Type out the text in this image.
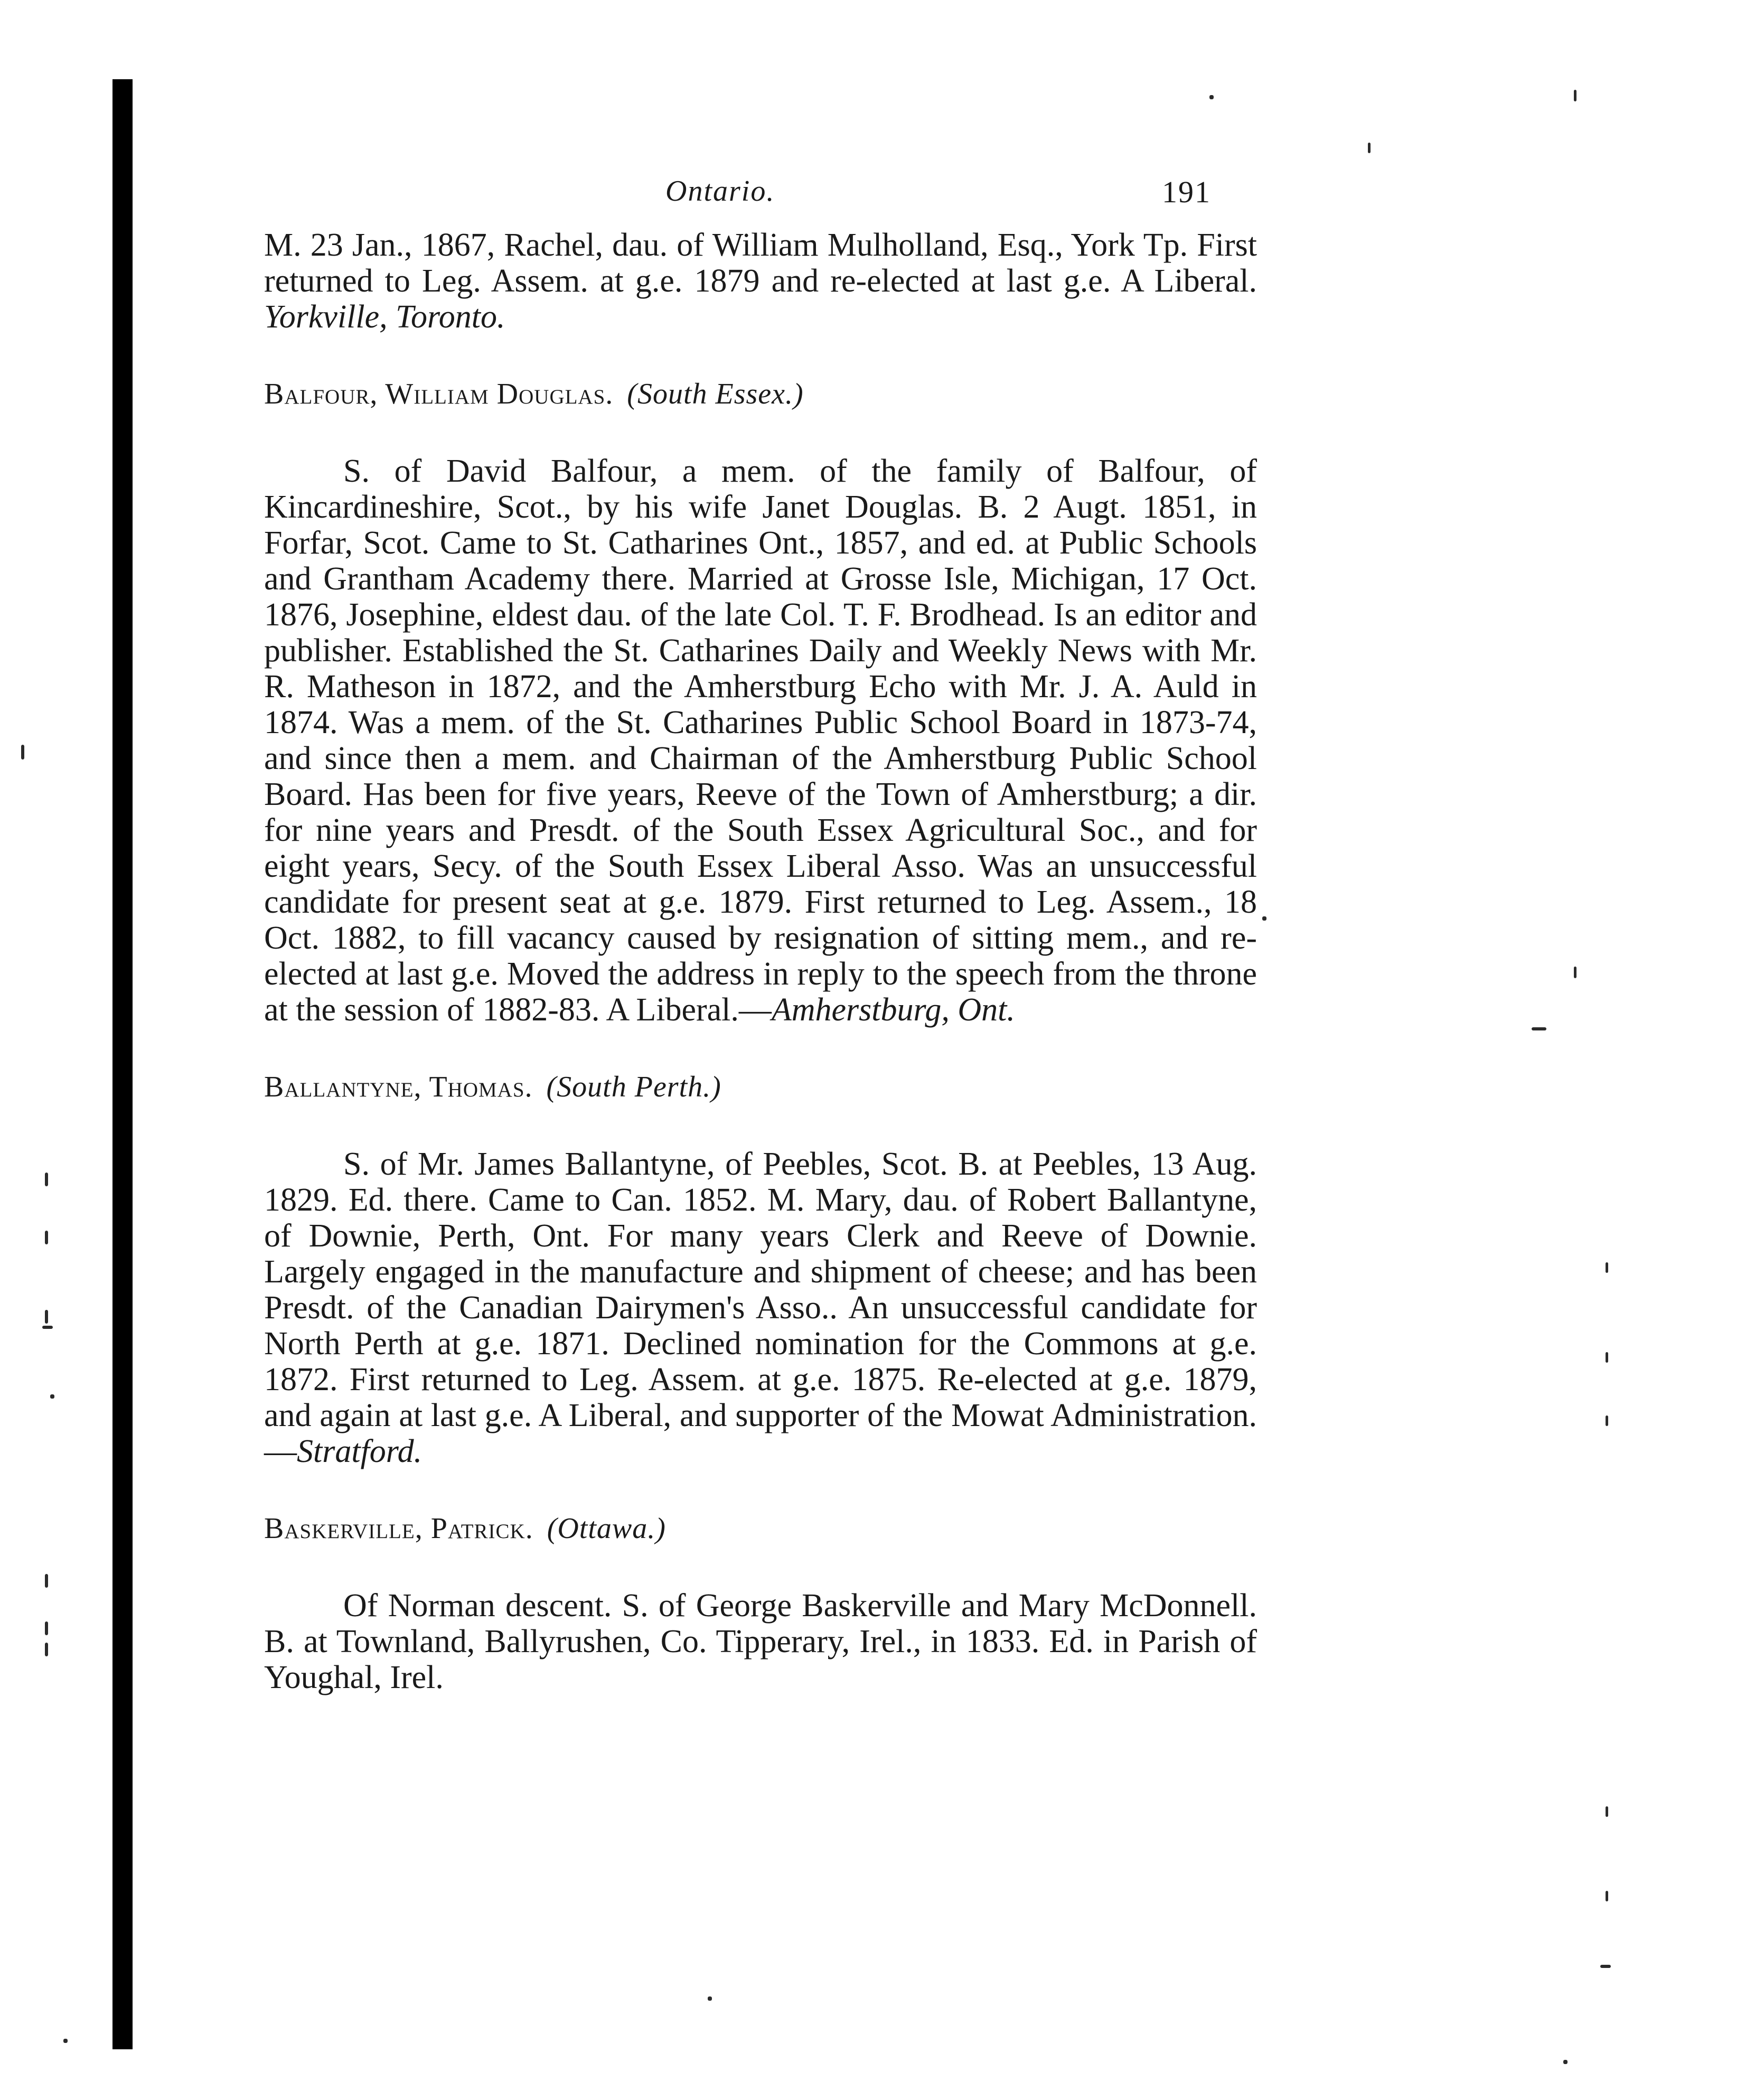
Ontario.	191

M. 23 Jan., 1867, Rachel, dau. of William Mulholland, Esq., York Tp. First returned to Leg. Assem. at g.e. 1879 and re-elected at last g.e. A Liberal. Yorkville, Toronto.

Balfour, William Douglas. (South Essex.)

S. of David Balfour, a mem. of the family of Balfour, of Kincardineshire, Scot., by his wife Janet Douglas. B. 2 Augt. 1851, in Forfar, Scot. Came to St. Catharines Ont., 1857, and ed. at Public Schools and Grantham Academy there. Married at Grosse Isle, Michigan, 17 Oct. 1876, Josephine, eldest dau. of the late Col. T. F. Brodhead. Is an editor and publisher. Established the St. Catharines Daily and Weekly News with Mr. R. Matheson in 1872, and the Amherstburg Echo with Mr. J. A. Auld in 1874. Was a mem. of the St. Catharines Public School Board in 1873-74, and since then a mem. and Chairman of the Amherstburg Public School Board. Has been for five years, Reeve of the Town of Amherstburg; a dir. for nine years and Presdt. of the South Essex Agricultural Soc., and for eight years, Secy. of the South Essex Liberal Asso. Was an unsuccessful candidate for present seat at g.e. 1879. First returned to Leg. Assem., 18 Oct. 1882, to fill vacancy caused by resignation of sitting mem., and re-elected at last g.e. Moved the address in reply to the speech from the throne at the session of 1882-83. A Liberal.—Amherstburg, Ont.

Ballantyne, Thomas. (South Perth.)

S. of Mr. James Ballantyne, of Peebles, Scot. B. at Peebles, 13 Aug. 1829. Ed. there. Came to Can. 1852. M. Mary, dau. of Robert Ballantyne, of Downie, Perth, Ont. For many years Clerk and Reeve of Downie. Largely engaged in the manufacture and shipment of cheese; and has been Presdt. of the Canadian Dairymen's Asso.. An unsuccessful candidate for North Perth at g.e. 1871. Declined nomination for the Commons at g.e. 1872. First returned to Leg. Assem. at g.e. 1875. Re-elected at g.e. 1879, and again at last g.e. A Liberal, and supporter of the Mowat Administration.—Stratford.

Baskerville, Patrick. (Ottawa.)

Of Norman descent. S. of George Baskerville and Mary McDonnell. B. at Townland, Ballyrushen, Co. Tipperary, Irel., in 1833. Ed. in Parish of Youghal, Irel.
